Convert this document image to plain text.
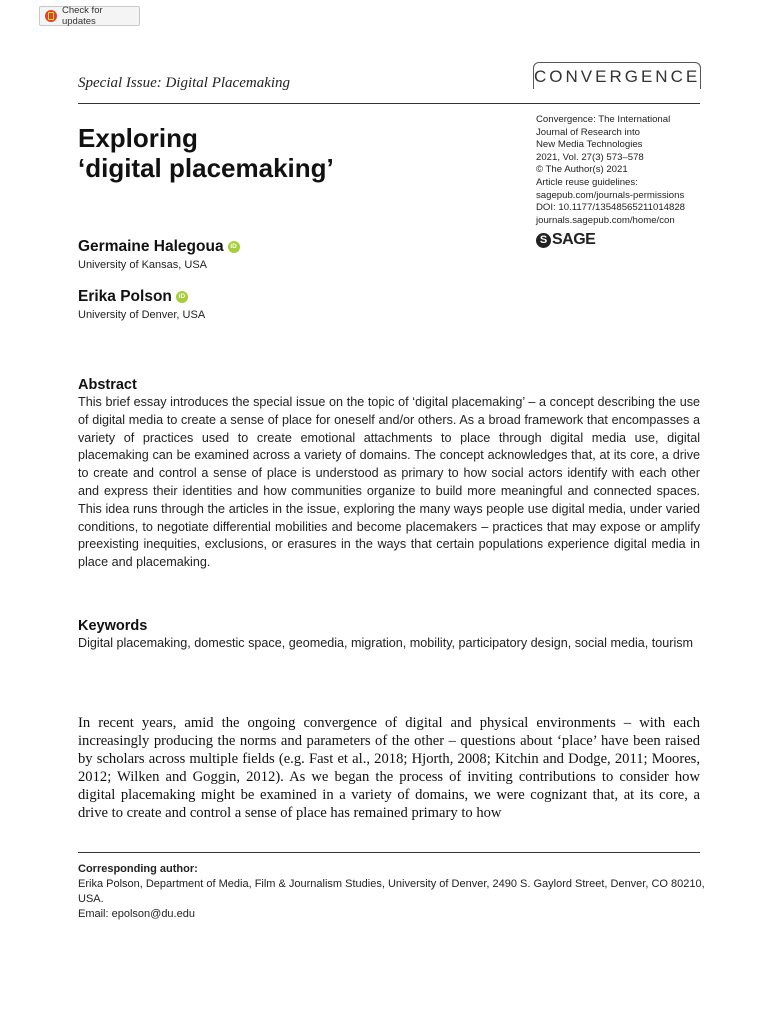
Check for updates
Special Issue: Digital Placemaking	CONVERGENCE
Exploring
‘digital placemaking’
Convergence: The International
Journal of Research into
New Media Technologies
2021, Vol. 27(3) 573–578
© The Author(s) 2021
Article reuse guidelines:
sagepub.com/journals-permissions
DOI: 10.1177/13548565211014828
journals.sagepub.com/home/con
S SAGE
Germaine Halegoua	iD
University of Kansas, USA
Erika Polson	iD
University of Denver, USA
Abstract

This brief essay introduces the special issue on the topic of ‘digital placemaking’ – a concept describing the use of digital media to create a sense of place for oneself and/or others. As a broad framework that encompasses a variety of practices used to create emotional attachments to place through digital media use, digital placemaking can be examined across a variety of domains. The concept acknowledges that, at its core, a drive to create and control a sense of place is understood as primary to how social actors identify with each other and express their identities and how communities organize to build more meaningful and connected spaces. This idea runs through the articles in the issue, exploring the many ways people use digital media, under varied conditions, to negotiate differential mobilities and become placemakers – practices that may expose or amplify preexisting inequities, exclusions, or erasures in the ways that certain populations experience digital media in place and placemaking.

Keywords

Digital placemaking, domestic space, geomedia, migration, mobility, participatory design, social media, tourism

In recent years, amid the ongoing convergence of digital and physical environments – with each increasingly producing the norms and parameters of the other – questions about ‘place’ have been raised by scholars across multiple fields (e.g. Fast et al., 2018; Hjorth, 2008; Kitchin and Dodge, 2011; Moores, 2012; Wilken and Goggin, 2012). As we began the process of inviting contributions to consider how digital placemaking might be examined in a variety of domains, we were cognizant that, at its core, a drive to create and control a sense of place has remained primary to how

Corresponding author:
Erika Polson, Department of Media, Film & Journalism Studies, University of Denver, 2490 S. Gaylord Street, Denver, CO 80210, USA.
Email: epolson@du.edu
